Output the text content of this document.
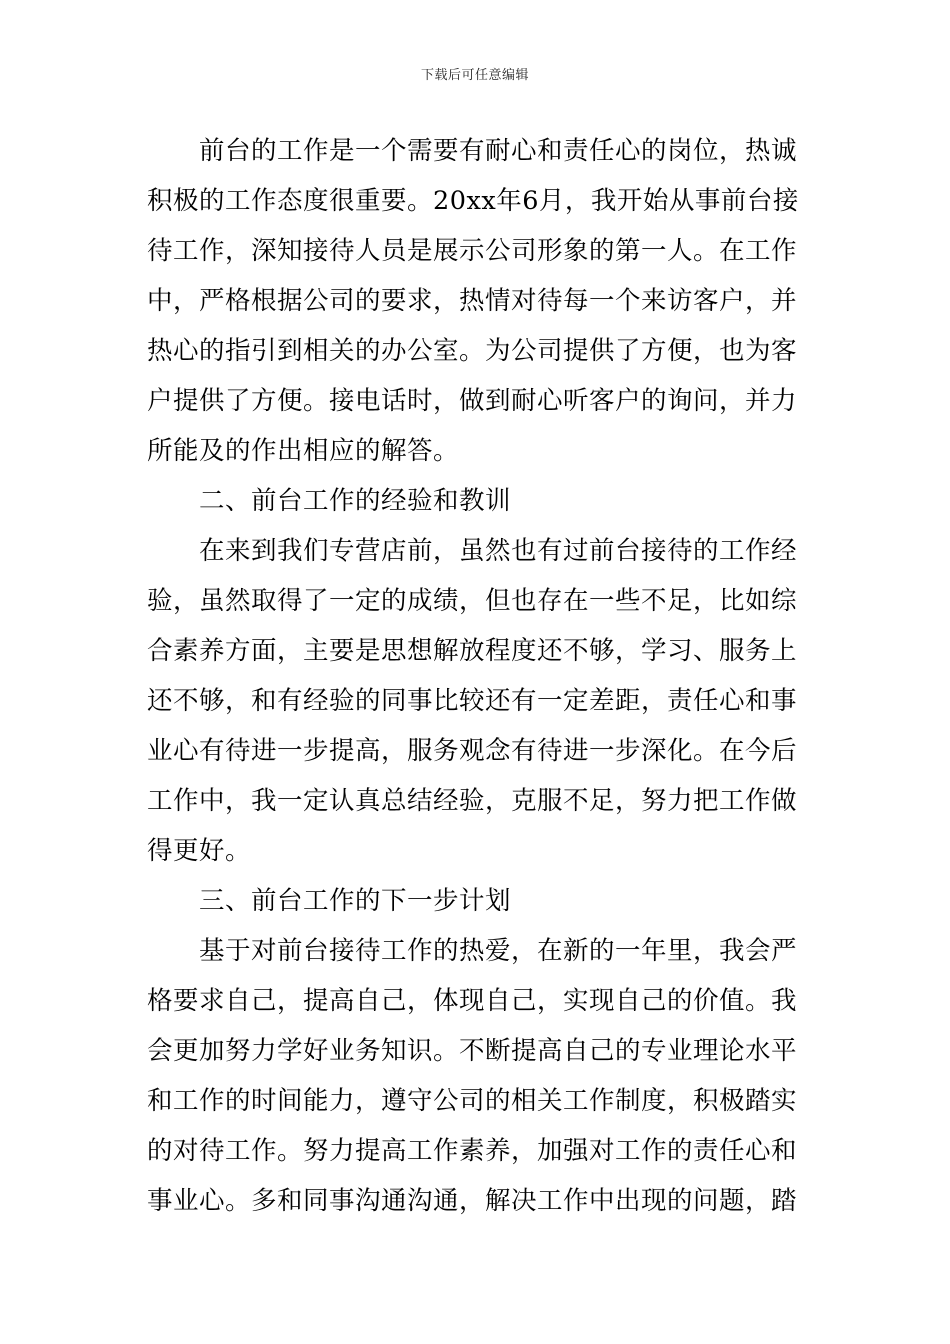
下载后可任意编辑
前台的工作是一个需要有耐心和责任心的岗位，热诚
积极的工作态度很重要。20xx年6月，我开始从事前台接
待工作，深知接待人员是展示公司形象的第一人。在工作
中，严格根据公司的要求，热情对待每一个来访客户，并
热心的指引到相关的办公室。为公司提供了方便，也为客
户提供了方便。接电话时，做到耐心听客户的询问，并力
所能及的作出相应的解答。
二、前台工作的经验和教训
在来到我们专营店前，虽然也有过前台接待的工作经
验，虽然取得了一定的成绩，但也存在一些不足，比如综
合素养方面，主要是思想解放程度还不够，学习、服务上
还不够，和有经验的同事比较还有一定差距，责任心和事
业心有待进一步提高，服务观念有待进一步深化。在今后
工作中，我一定认真总结经验，克服不足，努力把工作做
得更好。
三、前台工作的下一步计划
基于对前台接待工作的热爱，在新的一年里，我会严
格要求自己，提高自己，体现自己，实现自己的价值。我
会更加努力学好业务知识。不断提高自己的专业理论水平
和工作的时间能力，遵守公司的相关工作制度，积极踏实
的对待工作。努力提高工作素养，加强对工作的责任心和
事业心。多和同事沟通沟通，解决工作中出现的问题，踏
